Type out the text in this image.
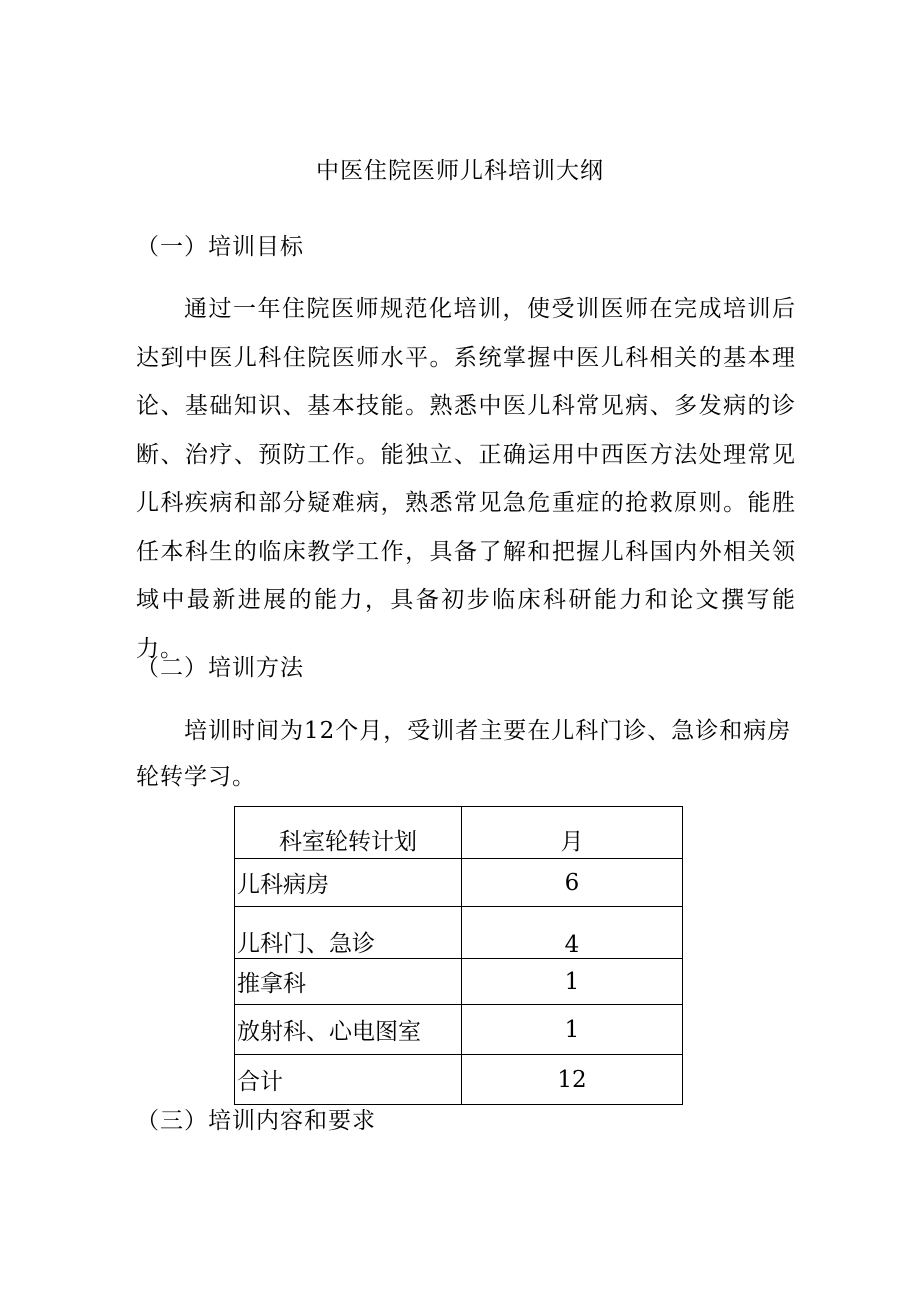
中医住院医师儿科培训大纲
（一）培训目标

通过一年住院医师规范化培训，使受训医师在完成培训后达到中医儿科住院医师水平。系统掌握中医儿科相关的基本理论、基础知识、基本技能。熟悉中医儿科常见病、多发病的诊断、治疗、预防工作。能独立、正确运用中西医方法处理常见儿科疾病和部分疑难病，熟悉常见急危重症的抢救原则。能胜任本科生的临床教学工作，具备了解和把握儿科国内外相关领域中最新进展的能力，具备初步临床科研能力和论文撰写能力。

（二）培训方法

培训时间为12个月，受训者主要在儿科门诊、急诊和病房轮转学习。

科室轮转计划	月
儿科病房	6
儿科门、急诊	4
推拿科	1
放射科、心电图室	1
合计	12
（三）培训内容和要求
